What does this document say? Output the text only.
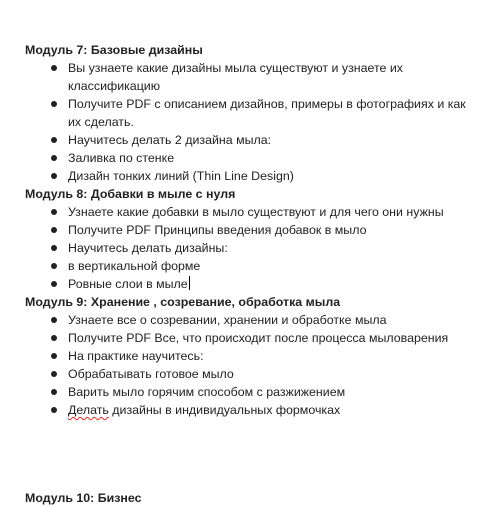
Модуль 7: Базовые дизайны
Вы узнаете какие дизайны мыла существуют и узнаете их классификацию
Получите PDF с описанием дизайнов, примеры в фотографиях и как их сделать.
Научитесь делать 2 дизайна мыла:
Заливка по стенке
Дизайн тонких линий (Thin Line Design)
Модуль 8: Добавки в мыле с нуля
Узнаете какие добавки в мыло существуют и для чего они нужны
Получите PDF Принципы введения добавок в мыло
Научитесь делать дизайны:
в вертикальной форме
Ровные слои в мыле
Модуль 9: Хранение , созревание, обработка мыла
Узнаете все о созревании, хранении и обработке мыла
Получите PDF Все, что происходит после процесса мыловарения
На практике научитесь:
Обрабатывать готовое мыло
Варить мыло горячим способом с разжижением
Делать дизайны в индивидуальных формочках
Модуль 10: Бизнес
